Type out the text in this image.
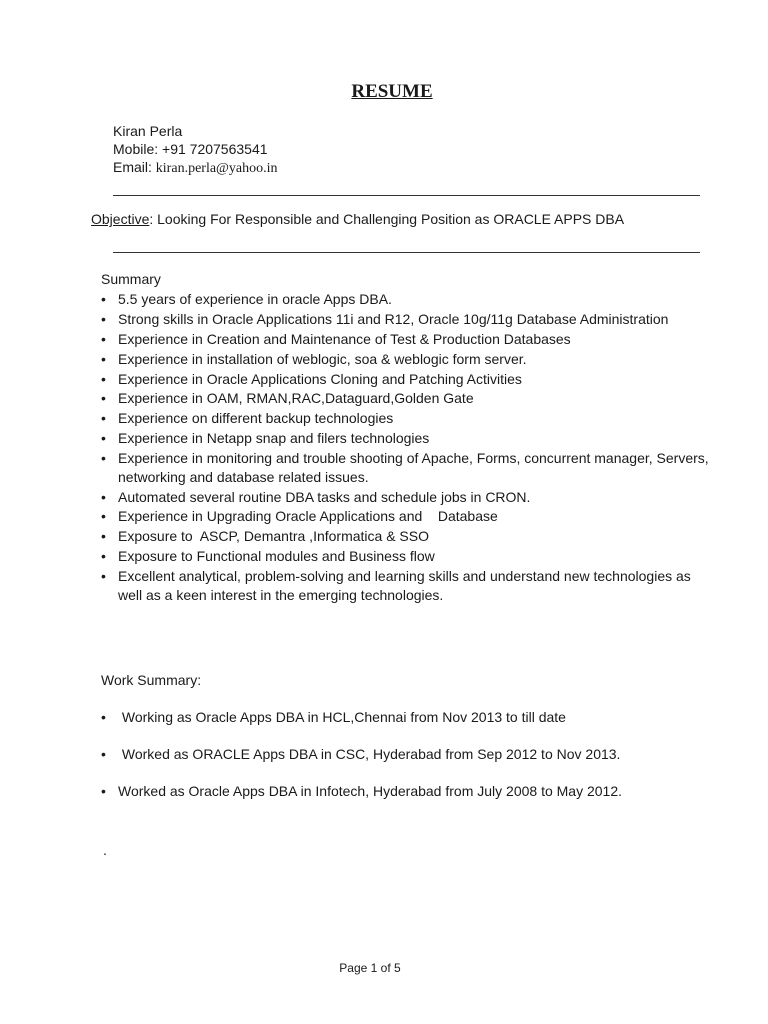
RESUME
Kiran Perla
Mobile: +91 7207563541
Email: kiran.perla@yahoo.in
Objective: Looking For Responsible and Challenging Position as ORACLE APPS DBA
Summary
• 5.5 years of experience in oracle Apps DBA.
• Strong skills in Oracle Applications 11i and R12, Oracle 10g/11g Database Administration
• Experience in Creation and Maintenance of Test & Production Databases
• Experience in installation of weblogic, soa & weblogic form server.
• Experience in Oracle Applications Cloning and Patching Activities
• Experience in OAM, RMAN,RAC,Dataguard,Golden Gate
• Experience on different backup technologies
• Experience in Netapp snap and filers technologies
• Experience in monitoring and trouble shooting of Apache, Forms, concurrent manager, Servers, networking and database related issues.
• Automated several routine DBA tasks and schedule jobs in CRON.
• Experience in Upgrading Oracle Applications and    Database
• Exposure to  ASCP, Demantra ,Informatica & SSO
• Exposure to Functional modules and Business flow
• Excellent analytical, problem-solving and learning skills and understand new technologies as well as a keen interest in the emerging technologies.
Work Summary:
• Working as Oracle Apps DBA in HCL,Chennai from Nov 2013 to till date
• Worked as ORACLE Apps DBA in CSC, Hyderabad from Sep 2012 to Nov 2013.
• Worked as Oracle Apps DBA in Infotech, Hyderabad from July 2008 to May 2012.
.
Page 1 of 5
